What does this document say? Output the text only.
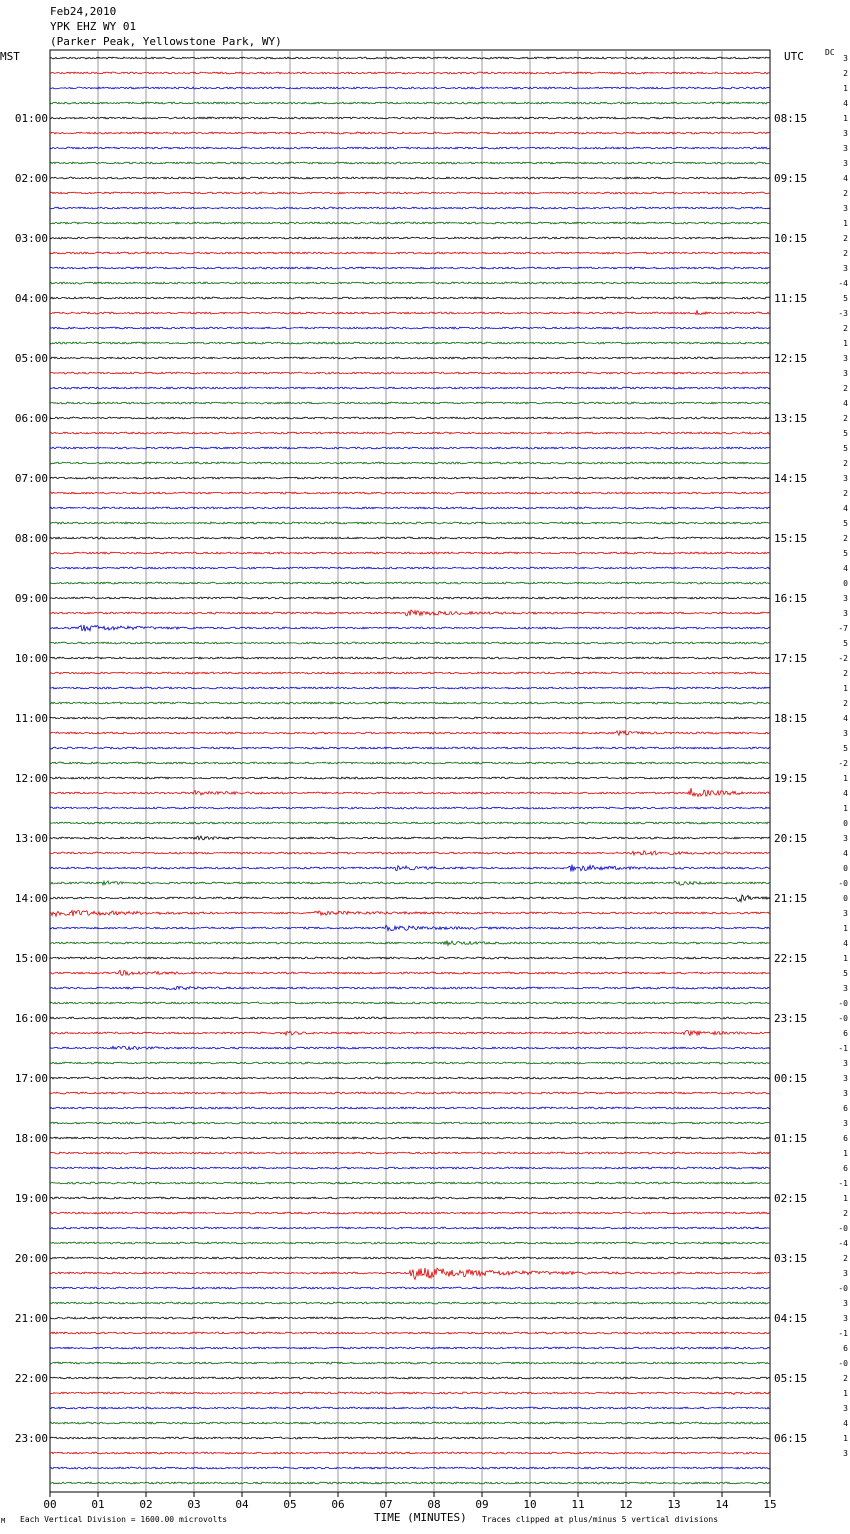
Feb24,2010
YPK EHZ WY 01
(Parker Peak, Yellowstone Park, WY)
MST	UTC	DC
00	01	02	03	04	05	06	07	08	09	10	11	12	13	14	15
3
2
1
4
1
3
3
3
4
2
3
1
2
2
3
-4
5
-3
2
1
3
3
2
4
2
5
5
2
3
2
4
5
2
5
4
0
3
3
-7
5
-2
2
1
2
4
3
5
-2
1
4
1
0
3
4
0
-0
0
3
1
4
1
5
3
-0
-0
6
-1
3
3
3
6
3
6
1
6
-1
1
2
-0
-4
2
3
-0
3
3
-1
6
-0
2
1
3
4
1
3
01:00
02:00
03:00
04:00
05:00
06:00
07:00
08:00
09:00
10:00
11:00
12:00
13:00
14:00
15:00
16:00
17:00
18:00
19:00
20:00
21:00
22:00
23:00
08:15
09:15
10:15
11:15
12:15
13:15
14:15
15:15
16:15
17:15
18:15
19:15
20:15
21:15
22:15
23:15
00:15
01:15
02:15
03:15
04:15
05:15
06:15
M Each Vertical Division = 1600.00 microvolts	TIME (MINUTES) Traces clipped at plus/minus 5 vertical divisions
